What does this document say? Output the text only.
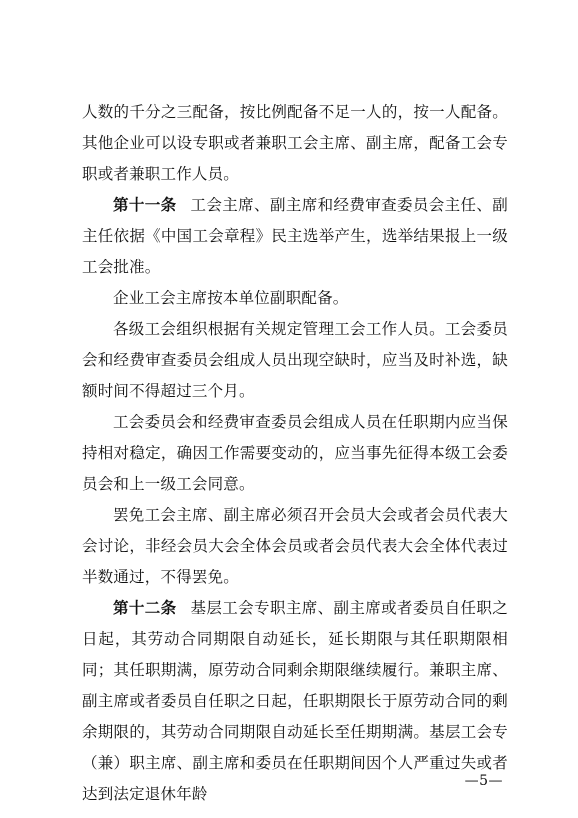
人数的千分之三配备，按比例配备不足一人的，按一人配备。其他企业可以设专职或者兼职工会主席、副主席，配备工会专职或者兼职工作人员。

第十一条 工会主席、副主席和经费审查委员会主任、副主任依据《中国工会章程》民主选举产生，选举结果报上一级工会批准。

企业工会主席按本单位副职配备。

各级工会组织根据有关规定管理工会工作人员。工会委员会和经费审查委员会组成人员出现空缺时，应当及时补选，缺额时间不得超过三个月。

工会委员会和经费审查委员会组成人员在任职期内应当保持相对稳定，确因工作需要变动的，应当事先征得本级工会委员会和上一级工会同意。

罢免工会主席、副主席必须召开会员大会或者会员代表大会讨论，非经会员大会全体会员或者会员代表大会全体代表过半数通过，不得罢免。

第十二条 基层工会专职主席、副主席或者委员自任职之日起，其劳动合同期限自动延长，延长期限与其任职期限相同；其任职期满，原劳动合同剩余期限继续履行。兼职主席、副主席或者委员自任职之日起，任职期限长于原劳动合同的剩余期限的，其劳动合同期限自动延长至任期期满。基层工会专（兼）职主席、副主席和委员在任职期间因个人严重过失或者达到法定退休年龄

—5—
